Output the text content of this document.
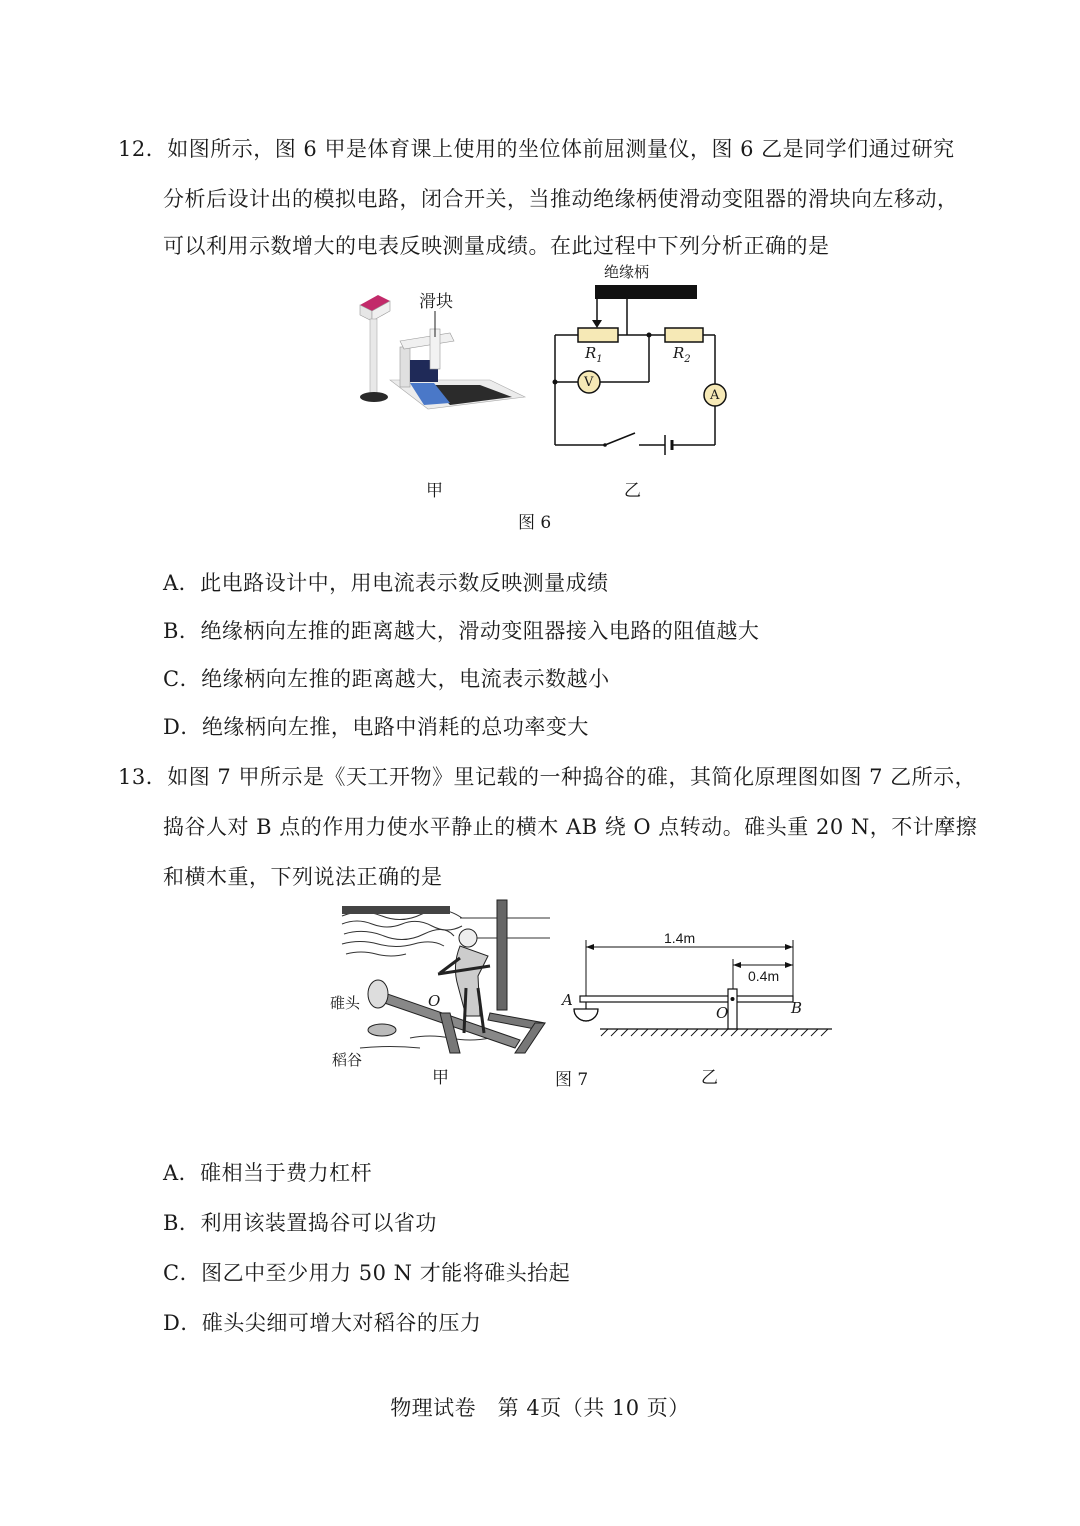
12．如图所示，图 6 甲是体育课上使用的坐位体前屈测量仪，图 6 乙是同学们通过研究
分析后设计出的模拟电路，闭合开关，当推动绝缘柄使滑动变阻器的滑块向左移动，
可以利用示数增大的电表反映测量成绩。在此过程中下列分析正确的是
滑块
绝缘柄
$R_1$	$R_2$
V
A
甲	乙
图 6
A．此电路设计中，用电流表示数反映测量成绩
B．绝缘柄向左推的距离越大，滑动变阻器接入电路的阻值越大
C．绝缘柄向左推的距离越大，电流表示数越小
D．绝缘柄向左推，电路中消耗的总功率变大
13．如图 7 甲所示是《天工开物》里记载的一种捣谷的碓，其简化原理图如图 7 乙所示，
捣谷人对 B 点的作用力使水平静止的横木 AB 绕 O 点转动。碓头重 20 N，不计摩擦
和横木重，下列说法正确的是
碓头
稻谷
O
1.4m
0.4m
A
O	B
甲	图 7	乙
A．碓相当于费力杠杆
B．利用该装置捣谷可以省功
C．图乙中至少用力 50 N 才能将碓头抬起
D．碓头尖细可增大对稻谷的压力
物理试卷　第 4页（共 10 页）
